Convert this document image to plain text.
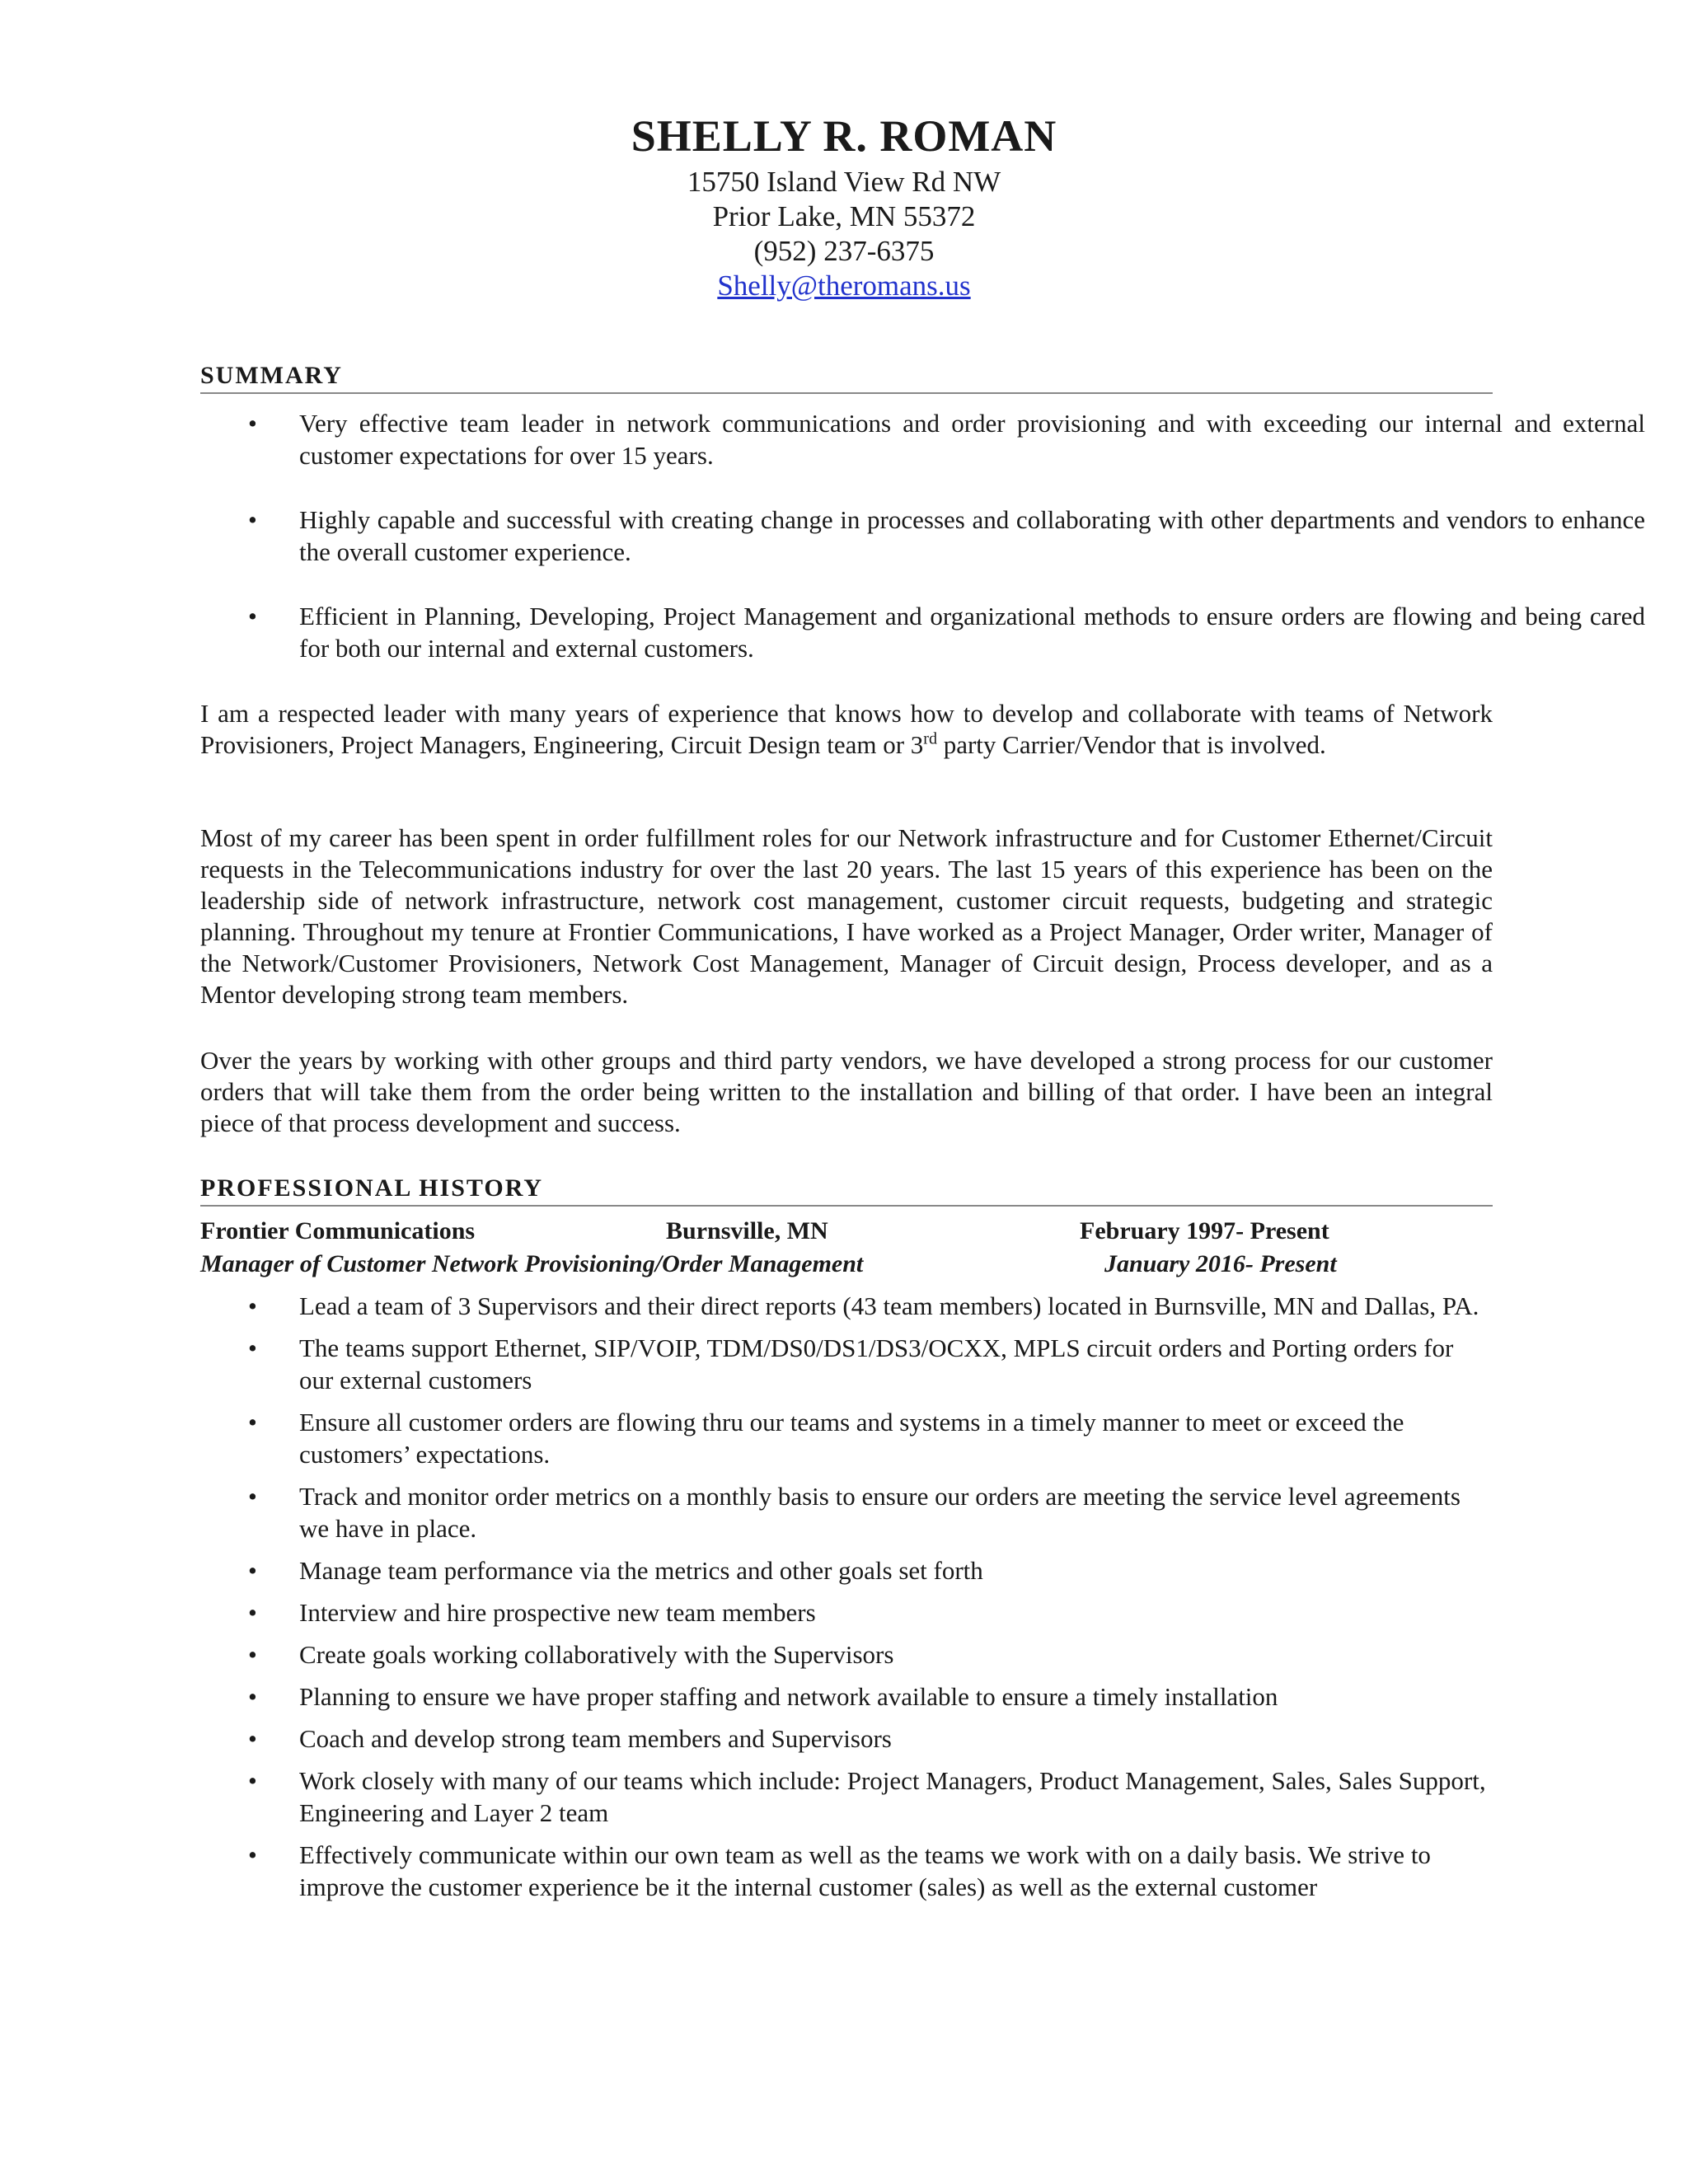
SHELLY R. ROMAN
15750 Island View Rd NW
Prior Lake, MN 55372
(952) 237-6375
Shelly@theromans.us
SUMMARY
• Very effective team leader in network communications and order provisioning and with exceeding our internal and external customer expectations for over 15 years.
• Highly capable and successful with creating change in processes and collaborating with other departments and vendors to enhance the overall customer experience.
• Efficient in Planning, Developing, Project Management and organizational methods to ensure orders are flowing and being cared for both our internal and external customers.

I am a respected leader with many years of experience that knows how to develop and collaborate with teams of Network Provisioners, Project Managers, Engineering, Circuit Design team or 3rd party Carrier/Vendor that is involved.

Most of my career has been spent in order fulfillment roles for our Network infrastructure and for Customer Ethernet/Circuit requests in the Telecommunications industry for over the last 20 years. The last 15 years of this experience has been on the leadership side of network infrastructure, network cost management, customer circuit requests, budgeting and strategic planning. Throughout my tenure at Frontier Communications, I have worked as a Project Manager, Order writer, Manager of the Network/Customer Provisioners, Network Cost Management, Manager of Circuit design, Process developer, and as a Mentor developing strong team members.

Over the years by working with other groups and third party vendors, we have developed a strong process for our customer orders that will take them from the order being written to the installation and billing of that order. I have been an integral piece of that process development and success.

PROFESSIONAL HISTORY
Frontier Communications	Burnsville, MN	February 1997- Present
Manager of Customer Network Provisioning/Order Management	January 2016- Present
• Lead a team of 3 Supervisors and their direct reports (43 team members) located in Burnsville, MN and Dallas, PA.
• The teams support Ethernet, SIP/VOIP, TDM/DS0/DS1/DS3/OCXX, MPLS circuit orders and Porting orders for our external customers
• Ensure all customer orders are flowing thru our teams and systems in a timely manner to meet or exceed the customers’ expectations.
• Track and monitor order metrics on a monthly basis to ensure our orders are meeting the service level agreements we have in place.
• Manage team performance via the metrics and other goals set forth
• Interview and hire prospective new team members
• Create goals working collaboratively with the Supervisors
• Planning to ensure we have proper staffing and network available to ensure a timely installation
• Coach and develop strong team members and Supervisors
• Work closely with many of our teams which include: Project Managers, Product Management, Sales, Sales Support, Engineering and Layer 2 team
• Effectively communicate within our own team as well as the teams we work with on a daily basis. We strive to improve the customer experience be it the internal customer (sales) as well as the external customer
